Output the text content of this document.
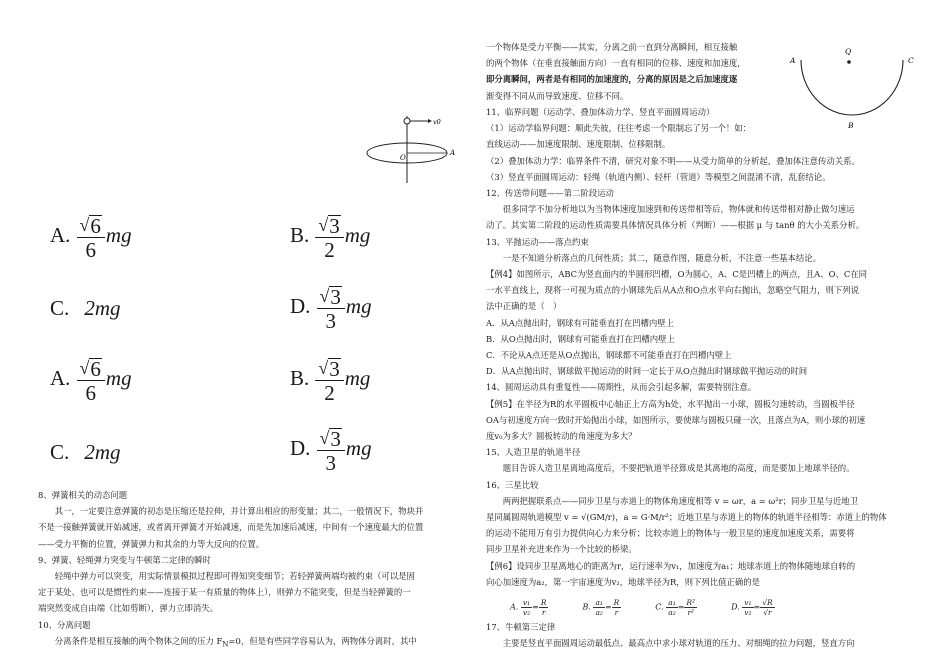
v0
O
A
A. $\frac{√ 6}{6}$ mg	B. $\frac{√ 3}{2}$ mg
C. 2mg	D. $\frac{√ 3}{3}$ mg
A. $\frac{√ 6}{6}$ mg	B. $\frac{√ 3}{2}$ mg
C. 2mg	D. $\frac{√ 3}{3}$ mg
8、弹簧相关的动态问题
　　其一，一定要注意弹簧的初态是压缩还是拉伸，并计算出相应的形变量；其二，一般情况下，物块并
不是一接触弹簧就开始减速，或者离开弹簧才开始减速，而是先加速后减速，中间有一个速度最大的位置
——受力平衡的位置，弹簧弹力和其余的力等大反向的位置。
9、弹簧、轻绳弹力突变与牛顿第二定律的瞬时
　　轻绳中弹力可以突变，用实际情景模拟过程即可得知突变细节；若轻弹簧两端均被约束（可以是固
定于某处、也可以是惯性约束——连接于某一有质量的物体上），则弹力不能突变，但是当轻弹簧的一
端突然变成自由端（比如剪断），弹力立即消失。
10、分离问题
　　分离条件是相互接触的两个物体之间的压力 $F_N=0$，但是有些同学容易认为，两物体分离时，其中
A
Q
C
B
一个物体是受力平衡——其实，分离之前一直到分离瞬间，相互接触
的两个物体（在垂直接触面方向）一直有相同的位移、速度和加速度，
即分离瞬间，两者是有相同的加速度的，分离的原因是之后加速度逐
渐变得不同从而导致速度、位移不同。
11、临界问题（运动学、叠加体动力学、竖直平面圆周运动）
（1）运动学临界问题：顺此失彼，往往考虑一个限制忘了另一个！如：
直线运动——加速度限制、速度限制、位移限制。
（2）叠加体动力学：临界条件不清，研究对象不明——从受力简单的分析起，叠加体注意传动关系。
（3）竖直平面圆周运动：轻绳（轨道内侧）、轻杆（管道）等模型之间混淆不清，乱套结论。
12、传送带问题——第二阶段运动
　　很多同学不加分析地以为当物体速度加速到和传送带相等后，物体就和传送带相对静止做匀速运
动了。其实第二阶段的运动性质需要具体情况具体分析（判断）——根据 μ 与 tanθ 的大小关系分析。
13、平抛运动——落点约束
　　一是不知道分析落点的几何性质；其二，随意作图，随意分析，不注意一些基本结论。
【例4】如图所示，ABC为竖直面内的半圆形凹槽，O为圆心，A、C是凹槽上的两点，且A、O、C在同
一水平直线上，现将一可视为质点的小钢球先后从A点和O点水平向右抛出，忽略空气阻力，则下列说
法中正确的是（　）
A．从A点抛出时，钢球有可能垂直打在凹槽内壁上
B．从O点抛出时，钢球有可能垂直打在凹槽内壁上
C．不论从A点还是从O点抛出，钢球都不可能垂直打在凹槽内壁上
D．从A点抛出时，钢球做平抛运动的时间一定长于从O点抛出时钢球做平抛运动的时间
14、圆周运动具有重复性——周期性，从而会引起多解，需要特别注意。
【例5】在半径为R的水平圆板中心轴正上方高为h处，水平抛出一小球，圆板匀速转动，当圆板半径
OA与初速度方向一致时开始抛出小球，如图所示，要使球与圆板只碰一次，且落点为A，则小球的初速
度v₀为多大？圆板转动的角速度为多大？
15、人造卫星的轨道半径
　　题目告诉人造卫星离地高度后，不要把轨道半径算成是其离地的高度，而是要加上地球半径的。
16、三星比较
　　两两把握联系点——同步卫星与赤道上的物体角速度相等 v = ωr，a = ω²r；同步卫星与近地卫
星同属圆周轨道模型 v = √(GM/r)，a = G·M/r²；近地卫星与赤道上的物体的轨道半径相等：赤道上的物体
的运动不能用万有引力提供向心力来分析；比较赤道上的物体与一般卫星的速度加速度关系，需要将
同步卫星补充进来作为一个比较的桥梁。
【例6】设同步卫星离地心的距离为r，运行速率为v₁，加速度为a₁；地球赤道上的物体随地球自转的
向心加速度为a₂，第一宇宙速度为v₂，地球半径为R，则下列比值正确的是
A. $\frac{\text{v₁}}{\text{v₂}} = \frac{R}{r}$	B. $\frac{\text{a₁}}{\text{a₂}} = \frac{R}{r}$	C. $\frac{\text{a₁}}{\text{a₂}} = \frac{\text{R²}}{\text{r²}}$	D. $\frac{\text{v₁}}{\text{v₂}} = \frac{√R}{√r}$
17、牛顿第三定律
　　主要是竖直平面圆周运动最低点、最高点中求小球对轨道的压力、对细绳的拉力问题，竖直方向
